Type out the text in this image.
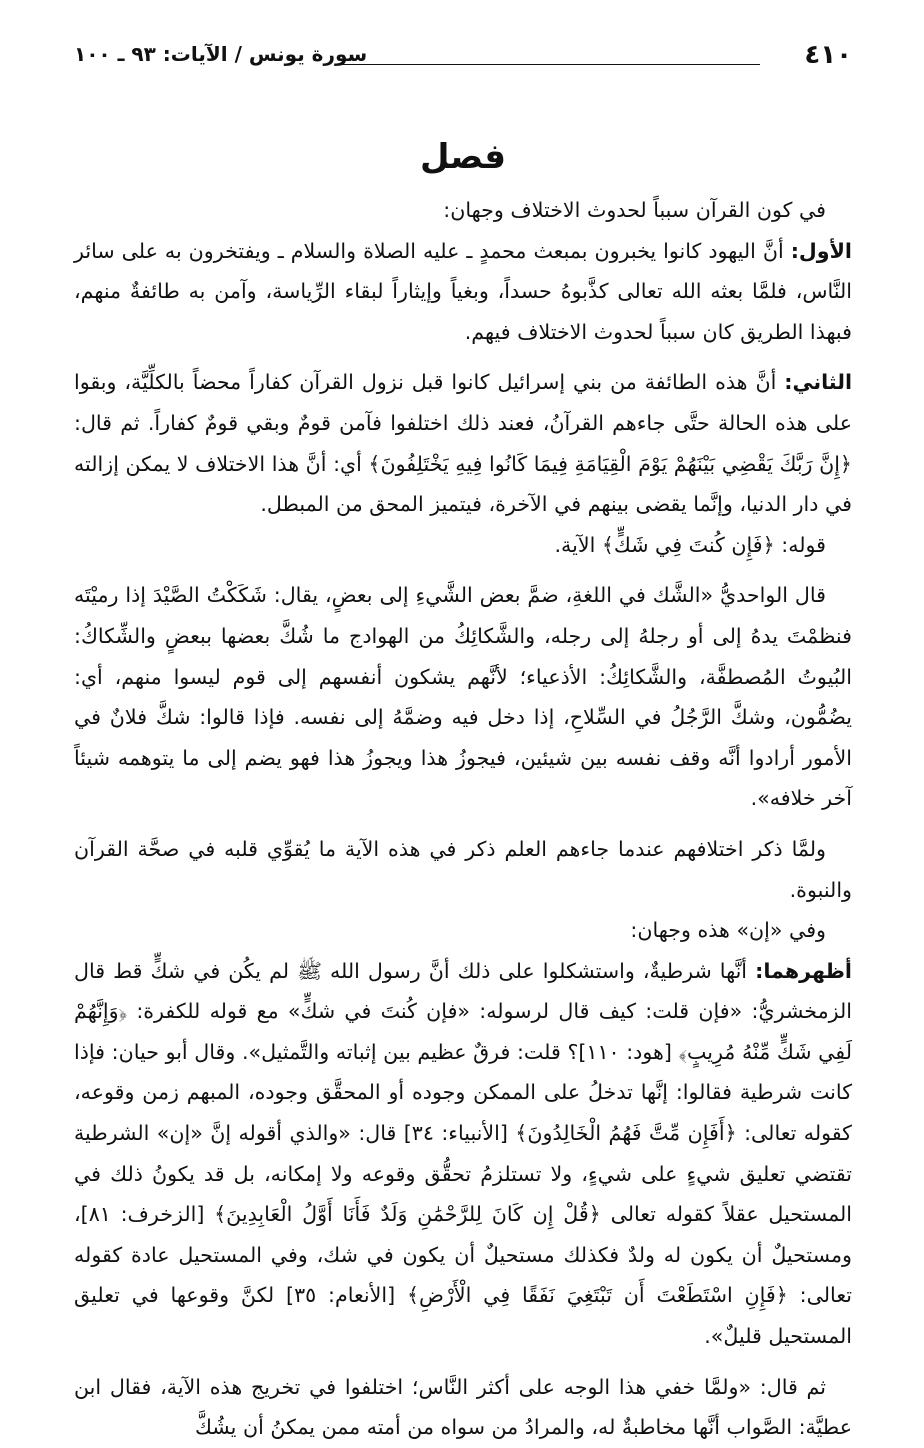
٤١٠
سورة يونس / الآيات: ٩٣ ـ ١٠٠
فصل

في كون القرآن سبباً لحدوث الاختلاف وجهان:

الأول: أنَّ اليهود كانوا يخبرون بمبعث محمدٍ ـ عليه الصلاة والسلام ـ ويفتخرون به على سائر النَّاس، فلمَّا بعثه الله تعالى كذَّبوهُ حسداً، وبغياً وإيثاراً لبقاء الرِّياسة، وآمن به طائفةٌ منهم، فبهذا الطريق كان سبباً لحدوث الاختلاف فيهم.

الثاني: أنَّ هذه الطائفة من بني إسرائيل كانوا قبل نزول القرآن كفاراً محضاً بالكلِّيَّة، وبقوا على هذه الحالة حتَّى جاءهم القرآنُ، فعند ذلك اختلفوا فآمن قومٌ وبقي قومٌ كفاراً. ثم قال: ﴿إِنَّ رَبَّكَ يَقْضِي بَيْنَهُمْ يَوْمَ الْقِيَامَةِ فِيمَا كَانُوا فِيهِ يَخْتَلِفُونَ﴾ أي: أنَّ هذا الاختلاف لا يمكن إزالته في دار الدنيا، وإنَّما يقضى بينهم في الآخرة، فيتميز المحق من المبطل.

قوله: ﴿فَإِن كُنتَ فِي شَكٍّ﴾ الآية.

قال الواحديُّ «الشَّك في اللغةِ، ضمَّ بعض الشَّيءِ إلى بعضٍ، يقال: شَكَكْتُ الصَّيْدَ إذا رميْتَه فنظمْتَ يدهُ إلى أو رجلهُ إلى رجله، والشَّكائِكُ من الهوادج ما شُكَّ بعضها ببعضٍ والشِّكاكُ: البُيوتُ المُصطفَّة، والشَّكائِكُ: الأذعياء؛ لأنَّهم يشكون أنفسهم إلى قوم ليسوا منهم، أي: يضُمُّون، وشكَّ الرَّجُلُ في السِّلاحِ، إذا دخل فيه وضمَّهُ إلى نفسه. فإذا قالوا: شكَّ فلانٌ في الأمور أرادوا أنَّه وقف نفسه بين شيئين، فيجوزُ هذا ويجوزُ هذا فهو يضم إلى ما يتوهمه شيئاً آخر خلافه».

ولمَّا ذكر اختلافهم عندما جاءهم العلم ذكر في هذه الآية ما يُقوِّي قلبه في صحَّة القرآن والنبوة.

وفي «إن» هذه وجهان:

أظهرهما: أنَّها شرطيةٌ، واستشكلوا على ذلك أنَّ رسول الله ﷺ لم يكُن في شكٍّ قط قال الزمخشريُّ: «فإن قلت: كيف قال لرسوله: «فإن كُنتَ في شكٍّ» مع قوله للكفرة: ﴿وَإِنَّهُمْ لَفِي شَكٍّ مِّنْهُ مُرِيبٍ﴾ [هود: ١١٠]؟ قلت: فرقٌ عظيم بين إثباته والتَّمثيل». وقال أبو حيان: فإذا كانت شرطية فقالوا: إنَّها تدخلُ على الممكن وجوده أو المحقَّق وجوده، المبهم زمن وقوعه، كقوله تعالى: ﴿أَفَإِن مِّتَّ فَهُمُ الْخَالِدُونَ﴾ [الأنبياء: ٣٤] قال: «والذي أقوله إنَّ «إن» الشرطية تقتضي تعليق شيءٍ على شيءٍ، ولا تستلزمُ تحقُّق وقوعه ولا إمكانه، بل قد يكونُ ذلك في المستحيل عقلاً كقوله تعالى ﴿قُلْ إِن كَانَ لِلرَّحْمَٰنِ وَلَدٌ فَأَنَا أَوَّلُ الْعَابِدِينَ﴾ [الزخرف: ٨١]، ومستحيلٌ أن يكون له ولدٌ فكذلك مستحيلٌ أن يكون في شك، وفي المستحيل عادة كقوله تعالى: ﴿فَإِنِ اسْتَطَعْتَ أَن تَبْتَغِيَ نَفَقًا فِي الْأَرْضِ﴾ [الأنعام: ٣٥] لكنَّ وقوعها في تعليق المستحيل قليلٌ».

ثم قال: «ولمَّا خفي هذا الوجه على أكثر النَّاس؛ اختلفوا في تخريج هذه الآية، فقال ابن عطيَّة: الصَّواب أنَّها مخاطبةٌ له، والمرادُ من سواه من أمته ممن يمكنُ أن يشُكَّ
